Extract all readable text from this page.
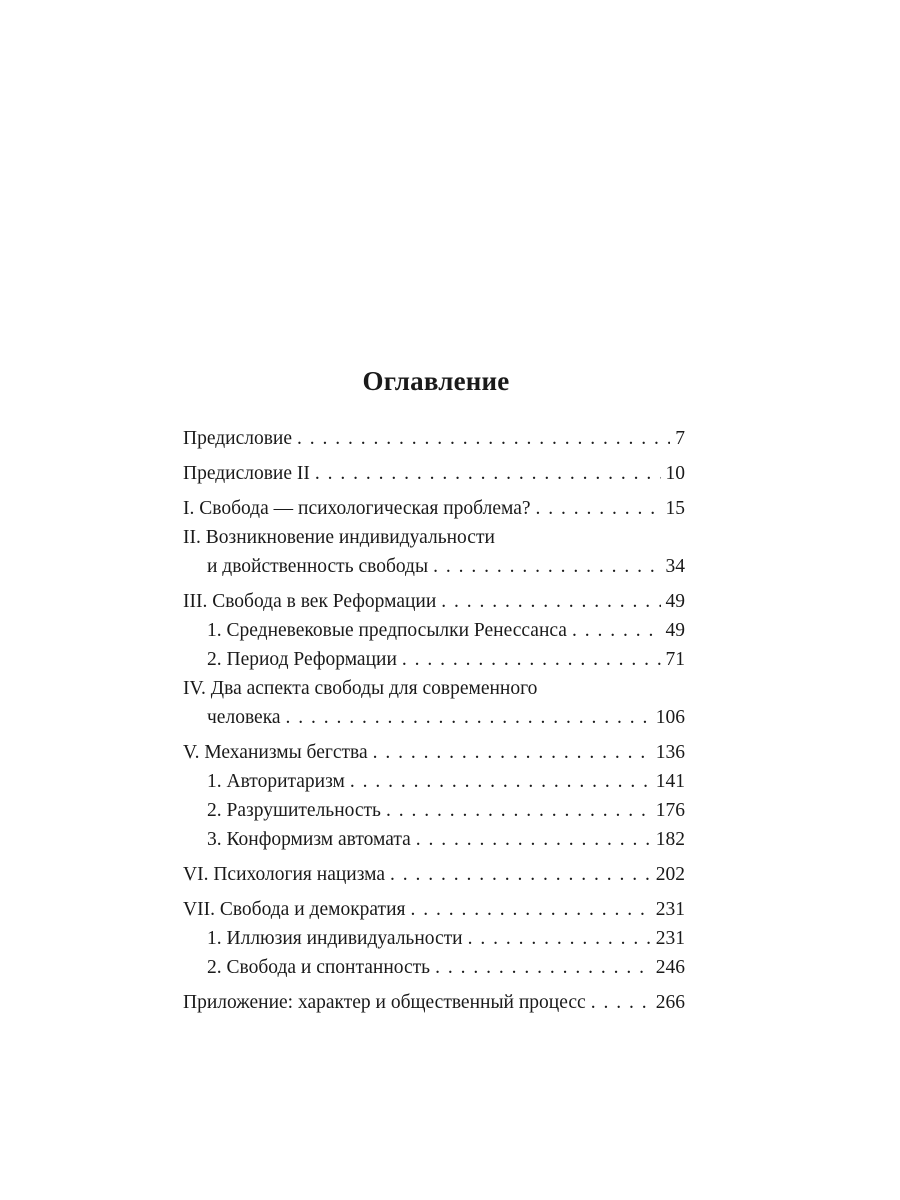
Оглавление
Предисловие . . .	7
Предисловие II . . .	10
I. Свобода — психологическая проблема? . . .	15
II. Возникновение индивидуальности
и двойственность свободы . . .	34
III. Свобода в век Реформации . . .	49
1. Средневековые предпосылки Ренессанса . . .	49
2. Период Реформации . . .	71
IV. Два аспекта свободы для современного
человека . . .	106
V. Механизмы бегства . . .	136
1. Авторитаризм . . .	141
2. Разрушительность . . .	176
3. Конформизм автомата . . .	182
VI. Психология нацизма . . .	202
VII. Свобода и демократия . . .	231
1. Иллюзия индивидуальности . . .	231
2. Свобода и спонтанность . . .	246
Приложение: характер и общественный процесс . . .	266
